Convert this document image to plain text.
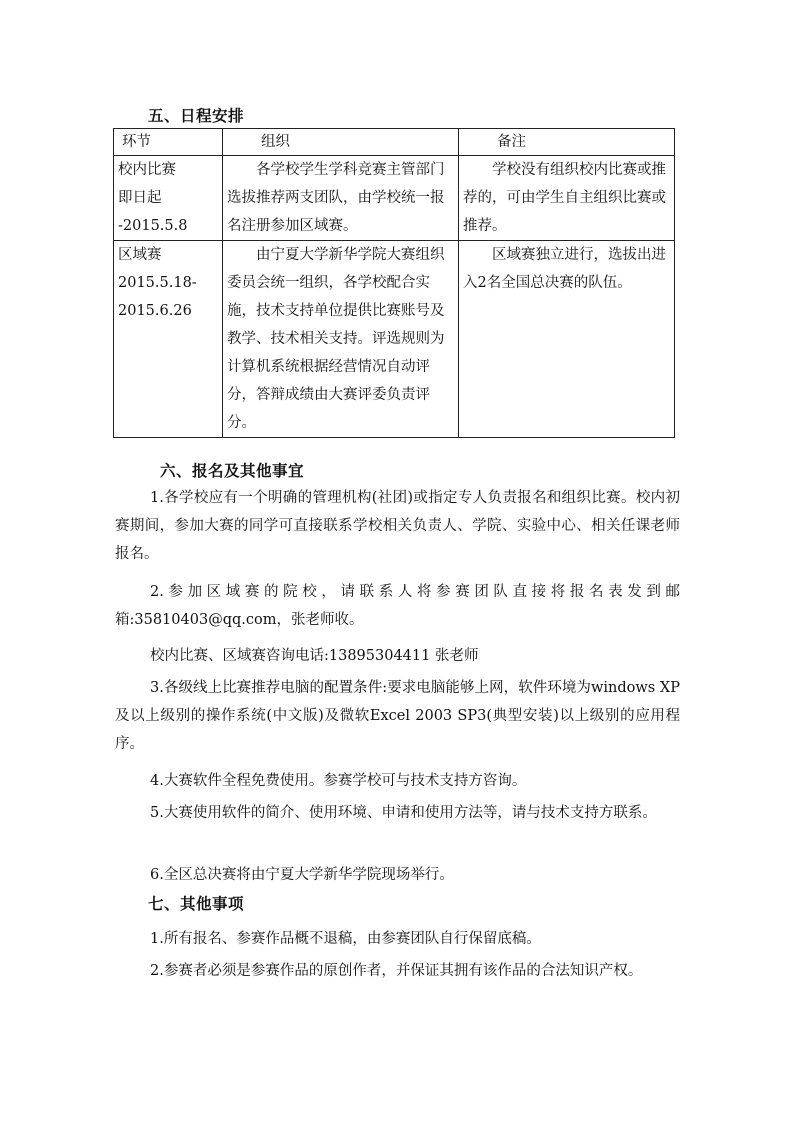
五、日程安排
环节	组织	备注

校内比赛
即日起
-2015.5.8	各学校学生学科竞赛主管部门选拔推荐两支团队，由学校统一报名注册参加区域赛。	学校没有组织校内比赛或推荐的，可由学生自主组织比赛或推荐。

区域赛
2015.5.18-
2015.6.26	由宁夏大学新华学院大赛组织委员会统一组织，各学校配合实施，技术支持单位提供比赛账号及教学、技术相关支持。评选规则为计算机系统根据经营情况自动评分，答辩成绩由大赛评委负责评分。	区域赛独立进行，选拔出进入2名全国总决赛的队伍。
六、报名及其他事宜
1.各学校应有一个明确的管理机构(社团)或指定专人负责报名和组织比赛。校内初赛期间，参加大赛的同学可直接联系学校相关负责人、学院、实验中心、相关任课老师报名。
2.参加区域赛的院校，请联系人将参赛团队直接将报名表发到邮箱:35810403@qq.com，张老师收。
校内比赛、区域赛咨询电话:13895304411 张老师
3.各级线上比赛推荐电脑的配置条件:要求电脑能够上网，软件环境为windows XP及以上级别的操作系统(中文版)及微软Excel 2003 SP3(典型安装)以上级别的应用程序。
4.大赛软件全程免费使用。参赛学校可与技术支持方咨询。
5.大赛使用软件的简介、使用环境、申请和使用方法等，请与技术支持方联系。
6.全区总决赛将由宁夏大学新华学院现场举行。
七、其他事项
1.所有报名、参赛作品概不退稿，由参赛团队自行保留底稿。
2.参赛者必须是参赛作品的原创作者，并保证其拥有该作品的合法知识产权。
